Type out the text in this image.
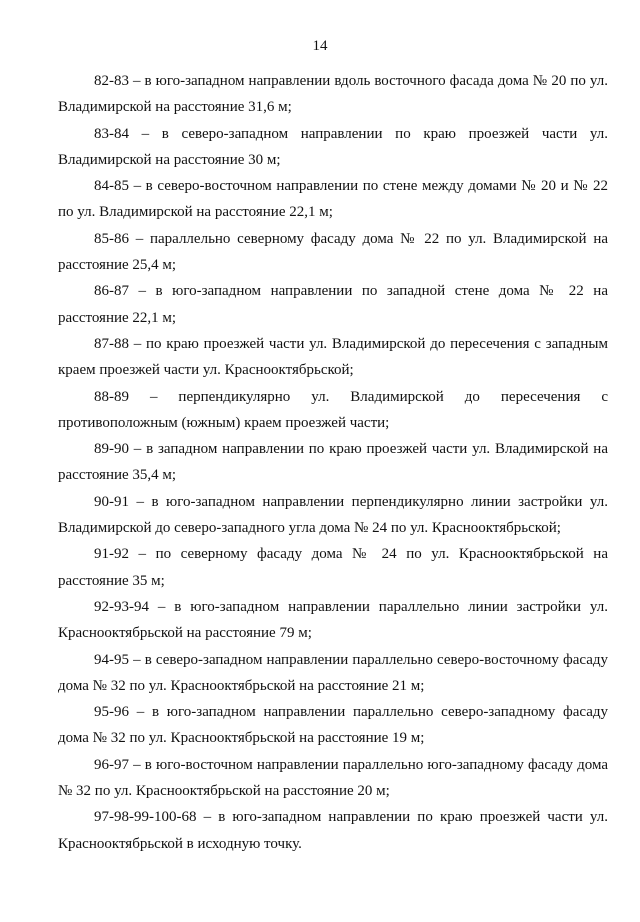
14

82-83 – в юго-западном направлении вдоль восточного фасада дома № 20 по ул. Владимирской на расстояние 31,6 м;

83-84 – в северо-западном направлении по краю проезжей части ул. Владимирской на расстояние 30 м;

84-85 – в северо-восточном направлении по стене между домами № 20 и № 22 по ул. Владимирской на расстояние 22,1 м;

85-86 – параллельно северному фасаду дома № 22 по ул. Владимирской на расстояние 25,4 м;

86-87 – в юго-западном направлении по западной стене дома № 22 на расстояние 22,1 м;

87-88 – по краю проезжей части ул. Владимирской до пересечения с западным краем проезжей части ул. Краснооктябрьской;

88-89 – перпендикулярно ул. Владимирской до пересечения с противоположным (южным) краем проезжей части;

89-90 – в западном направлении по краю проезжей части ул. Владимирской на расстояние 35,4 м;

90-91 – в юго-западном направлении перпендикулярно линии застройки ул. Владимирской до северо-западного угла дома № 24 по ул. Краснооктябрьской;

91-92 – по северному фасаду дома № 24 по ул. Краснооктябрьской на расстояние 35 м;

92-93-94 – в юго-западном направлении параллельно линии застройки ул. Краснооктябрьской на расстояние 79 м;

94-95 – в северо-западном направлении параллельно северо-восточному фасаду дома № 32 по ул. Краснооктябрьской на расстояние 21 м;

95-96 – в юго-западном направлении параллельно северо-западному фасаду дома № 32 по ул. Краснооктябрьской на расстояние 19 м;

96-97 – в юго-восточном направлении параллельно юго-западному фасаду дома № 32 по ул. Краснооктябрьской на расстояние 20 м;

97-98-99-100-68 – в юго-западном направлении по краю проезжей части ул. Краснооктябрьской в исходную точку.
